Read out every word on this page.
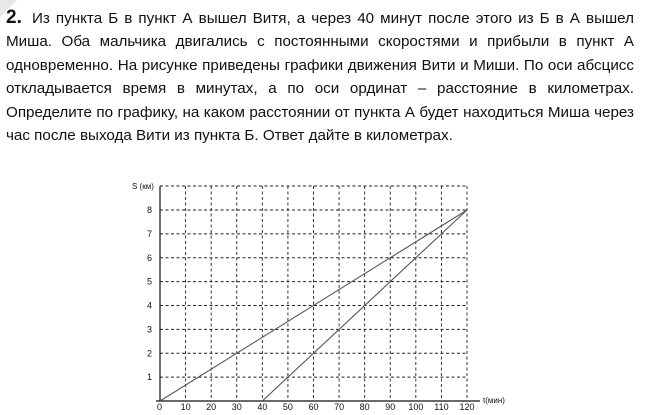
2. Из пункта Б в пункт А вышел Витя, а через 40 минут после этого из Б в А вышел Миша. Оба мальчика двигались с постоянными скоростями и прибыли в пункт А одновременно. На рисунке приведены графики движения Вити и Миши. По оси абсцисс откладывается время в минутах, а по оси ординат – расстояние в километрах. Определите по графику, на каком расстоянии от пункта А будет находиться Миша через час после выхода Вити из пункта Б. Ответ дайте в километрах.
0 10 20 30 40 50 60 70 80 90 100 110 120
1
2
3
4
5
6
7
8
S (км)
t(мин)
